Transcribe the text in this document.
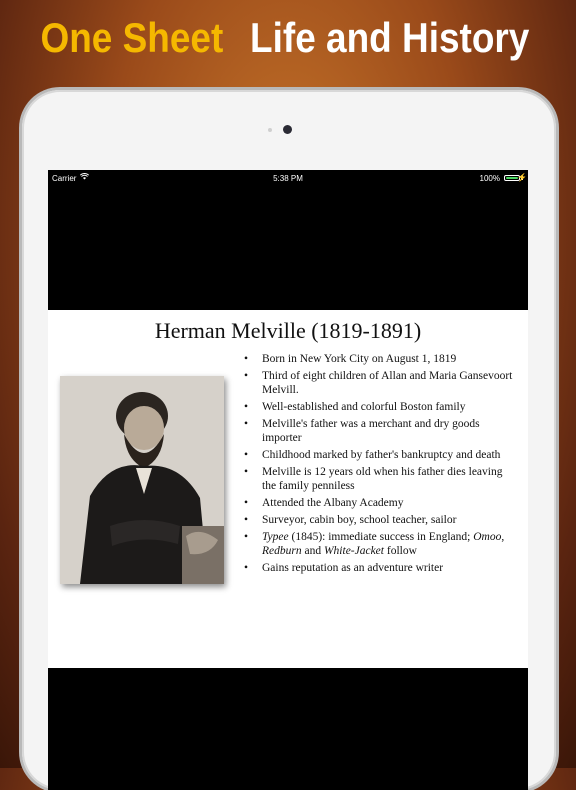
One Sheet Life and History
Carrier	5:38 PM	100% ⚡
Herman Melville (1819-1891)
• Born in New York City on August 1, 1819
• Third of eight children of Allan and Maria Gansevoort Melvill.
• Well-established and colorful Boston family
• Melville's father was a merchant and dry goods importer
• Childhood marked by father's bankruptcy and death
• Melville is 12 years old when his father dies leaving the family penniless
• Attended the Albany Academy
• Surveyor, cabin boy, school teacher, sailor
• Typee (1845): immediate success in England; Omoo, Redburn and White-Jacket follow
• Gains reputation as an adventure writer
